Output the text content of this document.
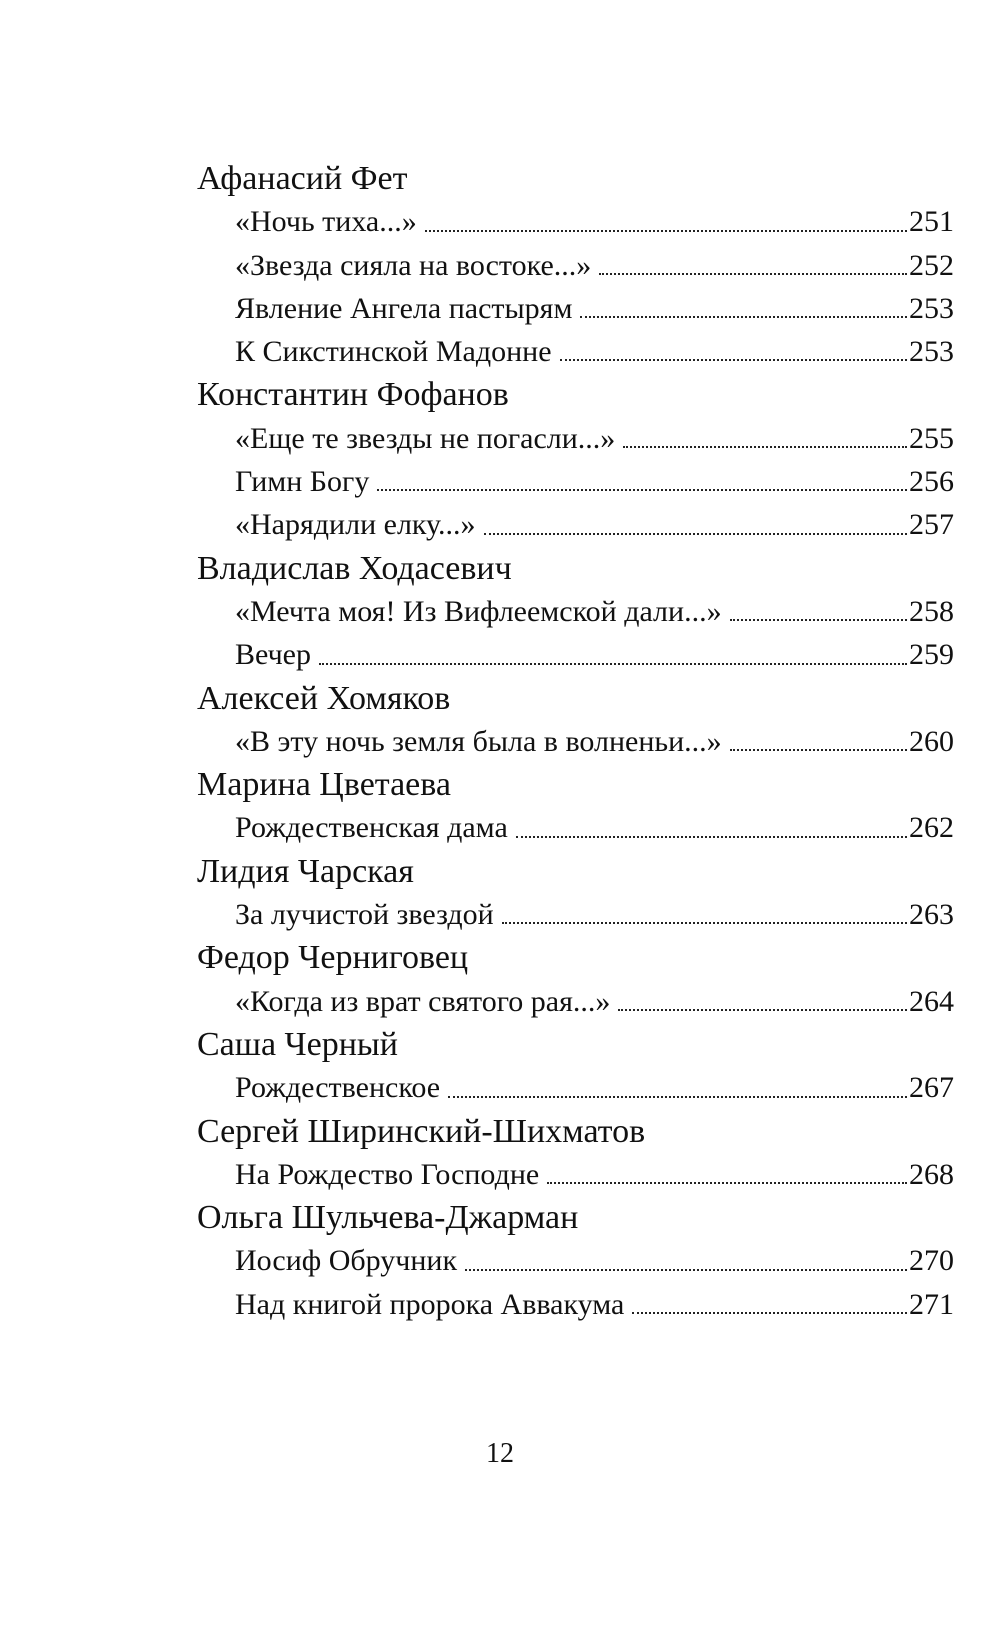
Афанасий Фет
«Ночь тиха...»	251
«Звезда сияла на востоке...»	252
Явление Ангела пастырям	253
К Сикстинской Мадонне	253
Константин Фофанов
«Еще те звезды не погасли...»	255
Гимн Богу	256
«Нарядили елку...»	257
Владислав Ходасевич
«Мечта моя! Из Вифлеемской дали...»	258
Вечер	259
Алексей Хомяков
«В эту ночь земля была в волненьи...»	260
Марина Цветаева
Рождественская дама	262
Лидия Чарская
За лучистой звездой	263
Федор Черниговец
«Когда из врат святого рая...»	264
Саша Черный
Рождественское	267
Сергей Ширинский-Шихматов
На Рождество Господне	268
Ольга Шульчева-Джарман
Иосиф Обручник	270
Над книгой пророка Аввакума	271
12
